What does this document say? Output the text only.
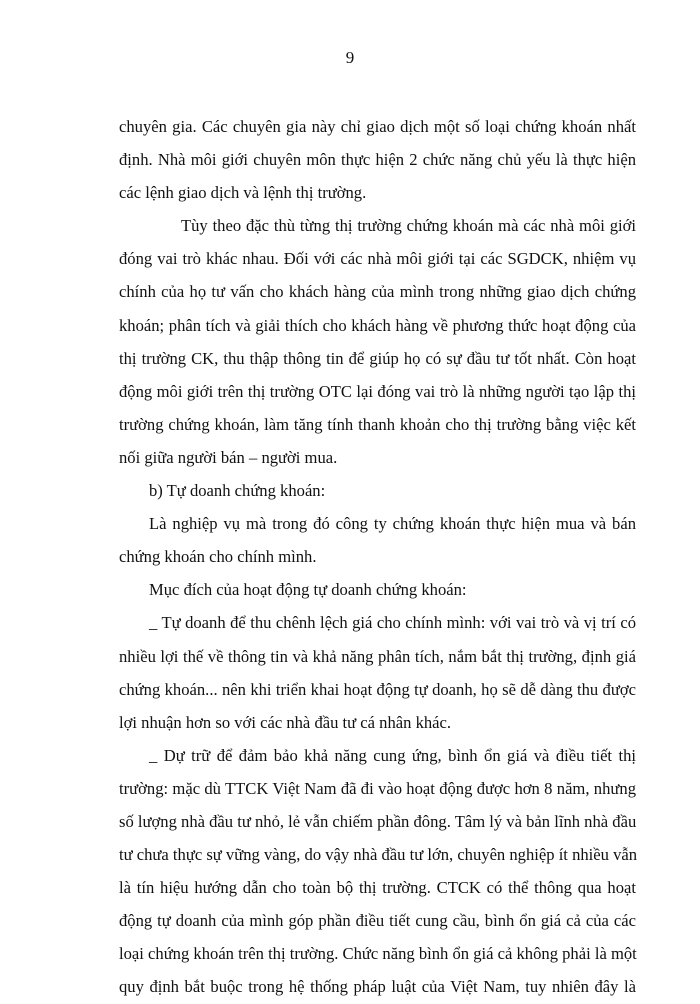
9
chuyên gia. Các chuyên gia này chỉ giao dịch một số loại chứng khoán nhất
định. Nhà môi giới chuyên môn thực hiện 2 chức năng chủ yếu là thực hiện
các lệnh giao dịch và lệnh thị trường.
Tùy theo đặc thù từng thị trường chứng khoán mà các nhà môi giới
đóng vai trò khác nhau. Đối với các nhà môi giới tại các SGDCK, nhiệm vụ
chính của họ tư vấn cho khách hàng của mình trong những giao dịch chứng
khoán; phân tích và giải thích cho khách hàng về phương thức hoạt động của
thị trường CK, thu thập thông tin để giúp họ có sự đầu tư tốt nhất. Còn hoạt
động môi giới trên thị trường OTC lại đóng vai trò là những người tạo lập thị
trường chứng khoán, làm tăng tính thanh khoản cho thị trường bằng việc kết
nối giữa người bán – người mua.
b) Tự doanh chứng khoán:
Là nghiệp vụ mà trong đó công ty chứng khoán thực hiện mua và bán
chứng khoán cho chính mình.
Mục đích của hoạt động tự doanh chứng khoán:
_ Tự doanh để thu chênh lệch giá cho chính mình: với vai trò và vị trí có
nhiều lợi thế về thông tin và khả năng phân tích, nắm bắt thị trường, định giá
chứng khoán... nên khi triển khai hoạt động tự doanh, họ sẽ dễ dàng thu được
lợi nhuận hơn so với các nhà đầu tư cá nhân khác.
_ Dự trữ để đảm bảo khả năng cung ứng, bình ổn giá và điều tiết thị
trường: mặc dù TTCK Việt Nam đã đi vào hoạt động được hơn 8 năm, nhưng
số lượng nhà đầu tư nhỏ, lẻ vẫn chiếm phần đông. Tâm lý và bản lĩnh nhà đầu
tư chưa thực sự vững vàng, do vậy nhà đầu tư lớn, chuyên nghiệp ít nhiều vẫn
là tín hiệu hướng dẫn cho toàn bộ thị trường. CTCK có thể thông qua hoạt
động tự doanh của mình góp phần điều tiết cung cầu, bình ổn giá cả của các
loại chứng khoán trên thị trường. Chức năng bình ổn giá cả không phải là một
quy định bắt buộc trong hệ thống pháp luật của Việt Nam, tuy nhiên đây là
